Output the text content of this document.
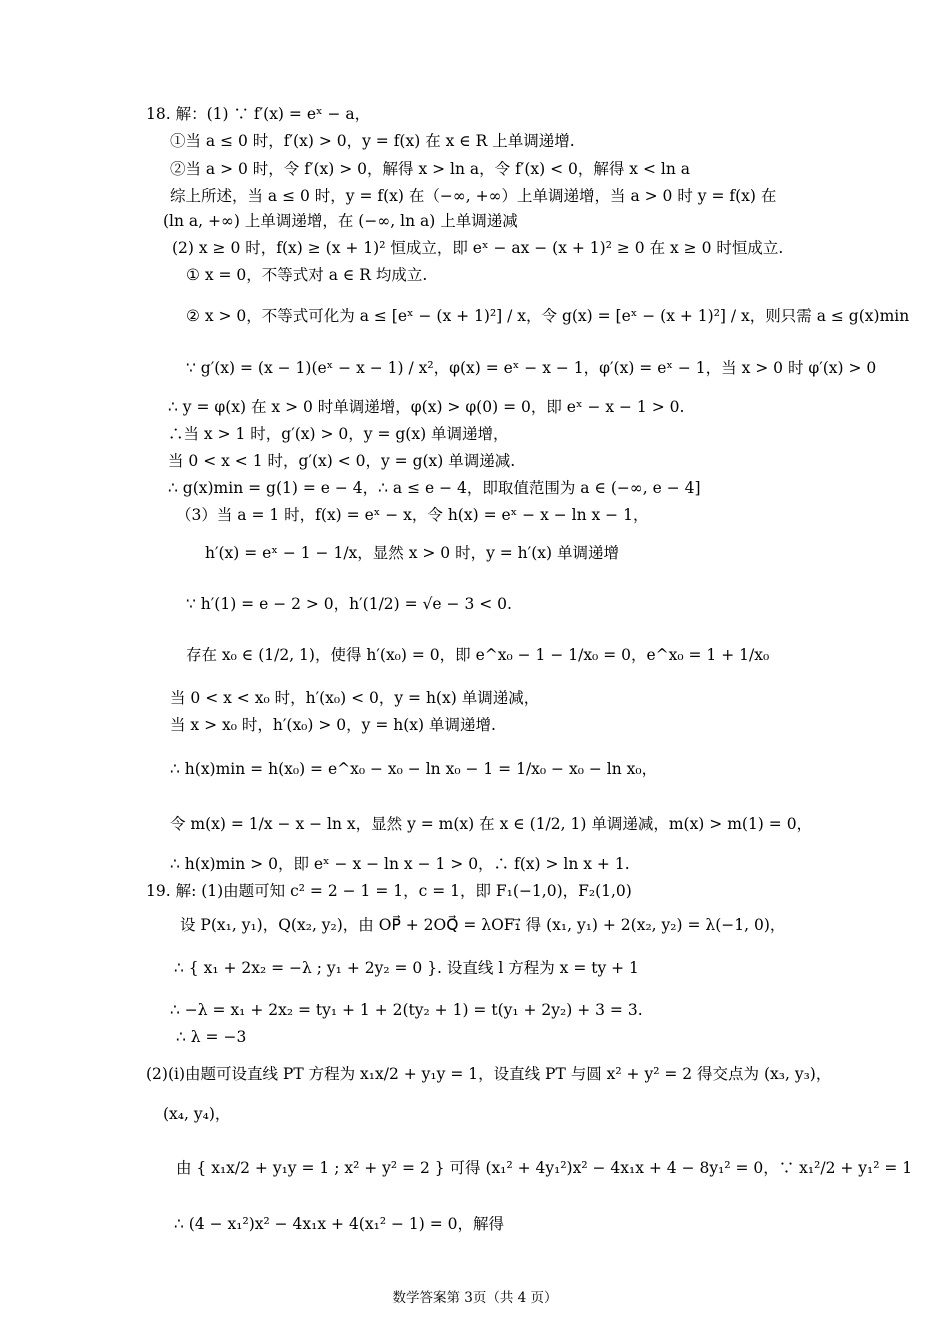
18. 解：(1) ∵ f′(x) = eˣ − a，
①当 a ≤ 0 时，f′(x) > 0，y = f(x) 在 x ∈ R 上单调递增.
②当 a > 0 时，令 f′(x) > 0，解得 x > ln a，令 f′(x) < 0，解得 x < ln a
综上所述，当 a ≤ 0 时，y = f(x) 在（−∞, +∞）上单调递增，当 a > 0 时 y = f(x) 在
(ln a, +∞) 上单调递增，在 (−∞, ln a) 上单调递减
(2) x ≥ 0 时，f(x) ≥ (x + 1)² 恒成立，即 eˣ − ax − (x + 1)² ≥ 0 在 x ≥ 0 时恒成立.
① x = 0，不等式对 a ∈ R 均成立.
② x > 0，不等式可化为 a ≤ [eˣ − (x + 1)²] / x，令 g(x) = [eˣ − (x + 1)²] / x，则只需 a ≤ g(x)min
∵ g′(x) = (x − 1)(eˣ − x − 1) / x²，φ(x) = eˣ − x − 1，φ′(x) = eˣ − 1，当 x > 0 时 φ′(x) > 0
∴ y = φ(x) 在 x > 0 时单调递增，φ(x) > φ(0) = 0，即 eˣ − x − 1 > 0.
∴当 x > 1 时，g′(x) > 0，y = g(x) 单调递增，
当 0 < x < 1 时，g′(x) < 0，y = g(x) 单调递减.
∴ g(x)min = g(1) = e − 4，∴ a ≤ e − 4，即取值范围为 a ∈ (−∞, e − 4]
（3）当 a = 1 时，f(x) = eˣ − x，令 h(x) = eˣ − x − ln x − 1，
h′(x) = eˣ − 1 − 1/x，显然 x > 0 时，y = h′(x) 单调递增
∵ h′(1) = e − 2 > 0，h′(1/2) = √e − 3 < 0.
存在 x₀ ∈ (1/2, 1)，使得 h′(x₀) = 0，即 e^x₀ − 1 − 1/x₀ = 0，e^x₀ = 1 + 1/x₀
当 0 < x < x₀ 时，h′(x₀) < 0，y = h(x) 单调递减，
当 x > x₀ 时，h′(x₀) > 0，y = h(x) 单调递增.
∴ h(x)min = h(x₀) = e^x₀ − x₀ − ln x₀ − 1 = 1/x₀ − x₀ − ln x₀，
令 m(x) = 1/x − x − ln x，显然 y = m(x) 在 x ∈ (1/2, 1) 单调递减，m(x) > m(1) = 0，
∴ h(x)min > 0，即 eˣ − x − ln x − 1 > 0，∴ f(x) > ln x + 1.
19. 解: (1)由题可知 c² = 2 − 1 = 1，c = 1，即 F₁(−1,0)，F₂(1,0)
设 P(x₁, y₁)，Q(x₂, y₂)，由 OP⃗ + 2OQ⃗ = λOF₁⃗ 得 (x₁, y₁) + 2(x₂, y₂) = λ(−1, 0)，
∴ { x₁ + 2x₂ = −λ ; y₁ + 2y₂ = 0 }. 设直线 l 方程为 x = ty + 1
∴ −λ = x₁ + 2x₂ = ty₁ + 1 + 2(ty₂ + 1) = t(y₁ + 2y₂) + 3 = 3.
∴ λ = −3
(2)(i)由题可设直线 PT 方程为 x₁x/2 + y₁y = 1，设直线 PT 与圆 x² + y² = 2 得交点为 (x₃, y₃)，
(x₄, y₄)，
由 { x₁x/2 + y₁y = 1 ; x² + y² = 2 } 可得 (x₁² + 4y₁²)x² − 4x₁x + 4 − 8y₁² = 0，∵ x₁²/2 + y₁² = 1
∴ (4 − x₁²)x² − 4x₁x + 4(x₁² − 1) = 0，解得
数学答案第 3页（共 4 页）
